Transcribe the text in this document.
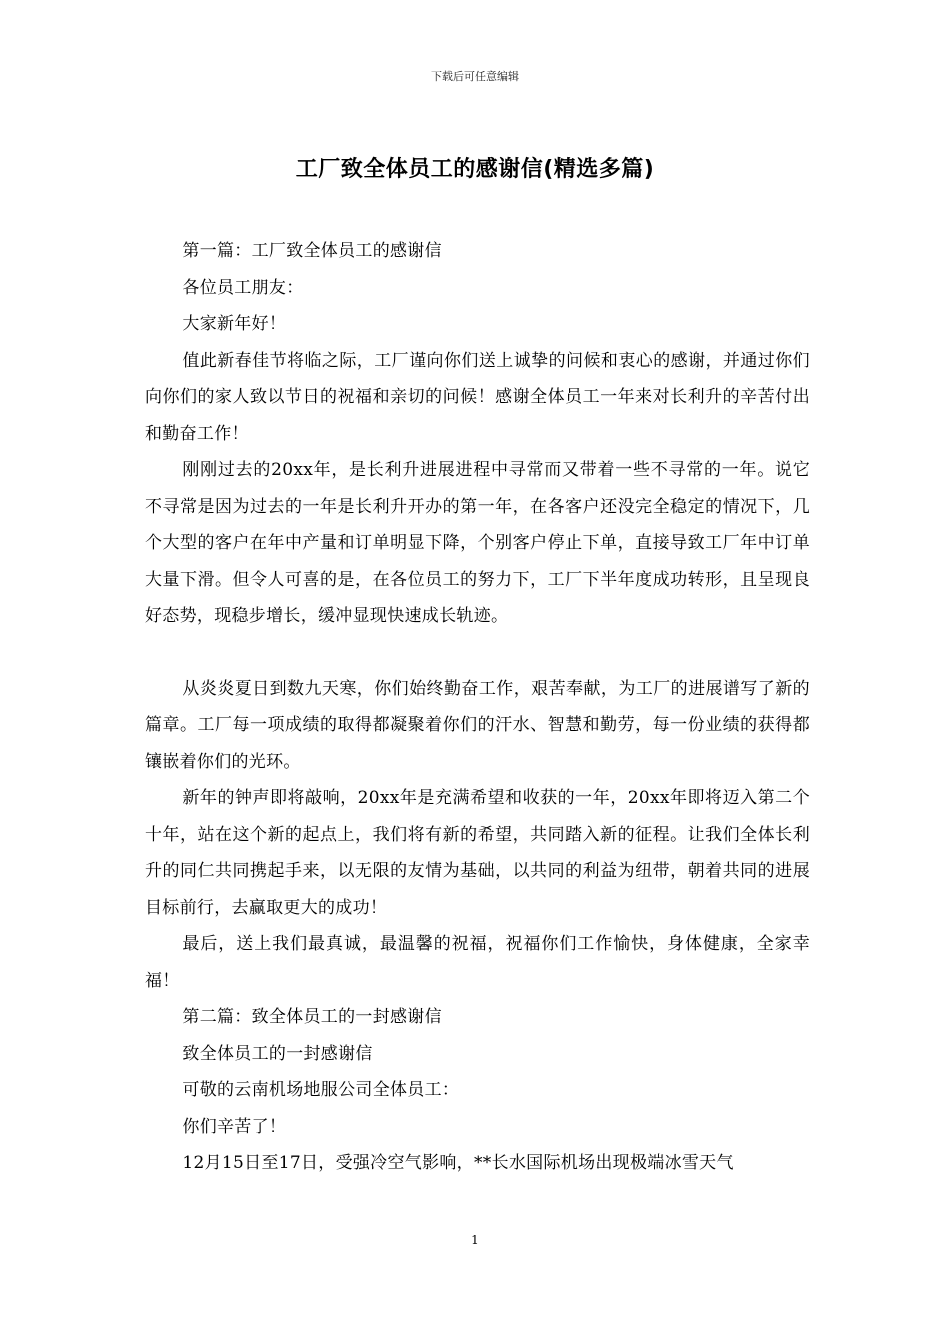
下载后可任意编辑
工厂致全体员工的感谢信(精选多篇)

第一篇：工厂致全体员工的感谢信

各位员工朋友：

大家新年好！

值此新春佳节将临之际，工厂谨向你们送上诚挚的问候和衷心的感谢，并通过你们向你们的家人致以节日的祝福和亲切的问候！感谢全体员工一年来对长利升的辛苦付出和勤奋工作！

刚刚过去的20xx年，是长利升进展进程中寻常而又带着一些不寻常的一年。说它不寻常是因为过去的一年是长利升开办的第一年，在各客户还没完全稳定的情况下，几个大型的客户在年中产量和订单明显下降，个别客户停止下单，直接导致工厂年中订单大量下滑。但令人可喜的是，在各位员工的努力下，工厂下半年度成功转形，且呈现良好态势，现稳步增长，缓冲显现快速成长轨迹。

从炎炎夏日到数九天寒，你们始终勤奋工作，艰苦奉献，为工厂的进展谱写了新的篇章。工厂每一项成绩的取得都凝聚着你们的汗水、智慧和勤劳，每一份业绩的获得都镶嵌着你们的光环。

新年的钟声即将敲响，20xx年是充满希望和收获的一年，20xx年即将迈入第二个十年，站在这个新的起点上，我们将有新的希望，共同踏入新的征程。让我们全体长利升的同仁共同携起手来，以无限的友情为基础，以共同的利益为纽带，朝着共同的进展目标前行，去赢取更大的成功！

最后，送上我们最真诚，最温馨的祝福，祝福你们工作愉快，身体健康，全家幸福！

第二篇：致全体员工的一封感谢信

致全体员工的一封感谢信

可敬的云南机场地服公司全体员工：

你们辛苦了！

12月15日至17日，受强冷空气影响，**长水国际机场出现极端冰雪天气

1
